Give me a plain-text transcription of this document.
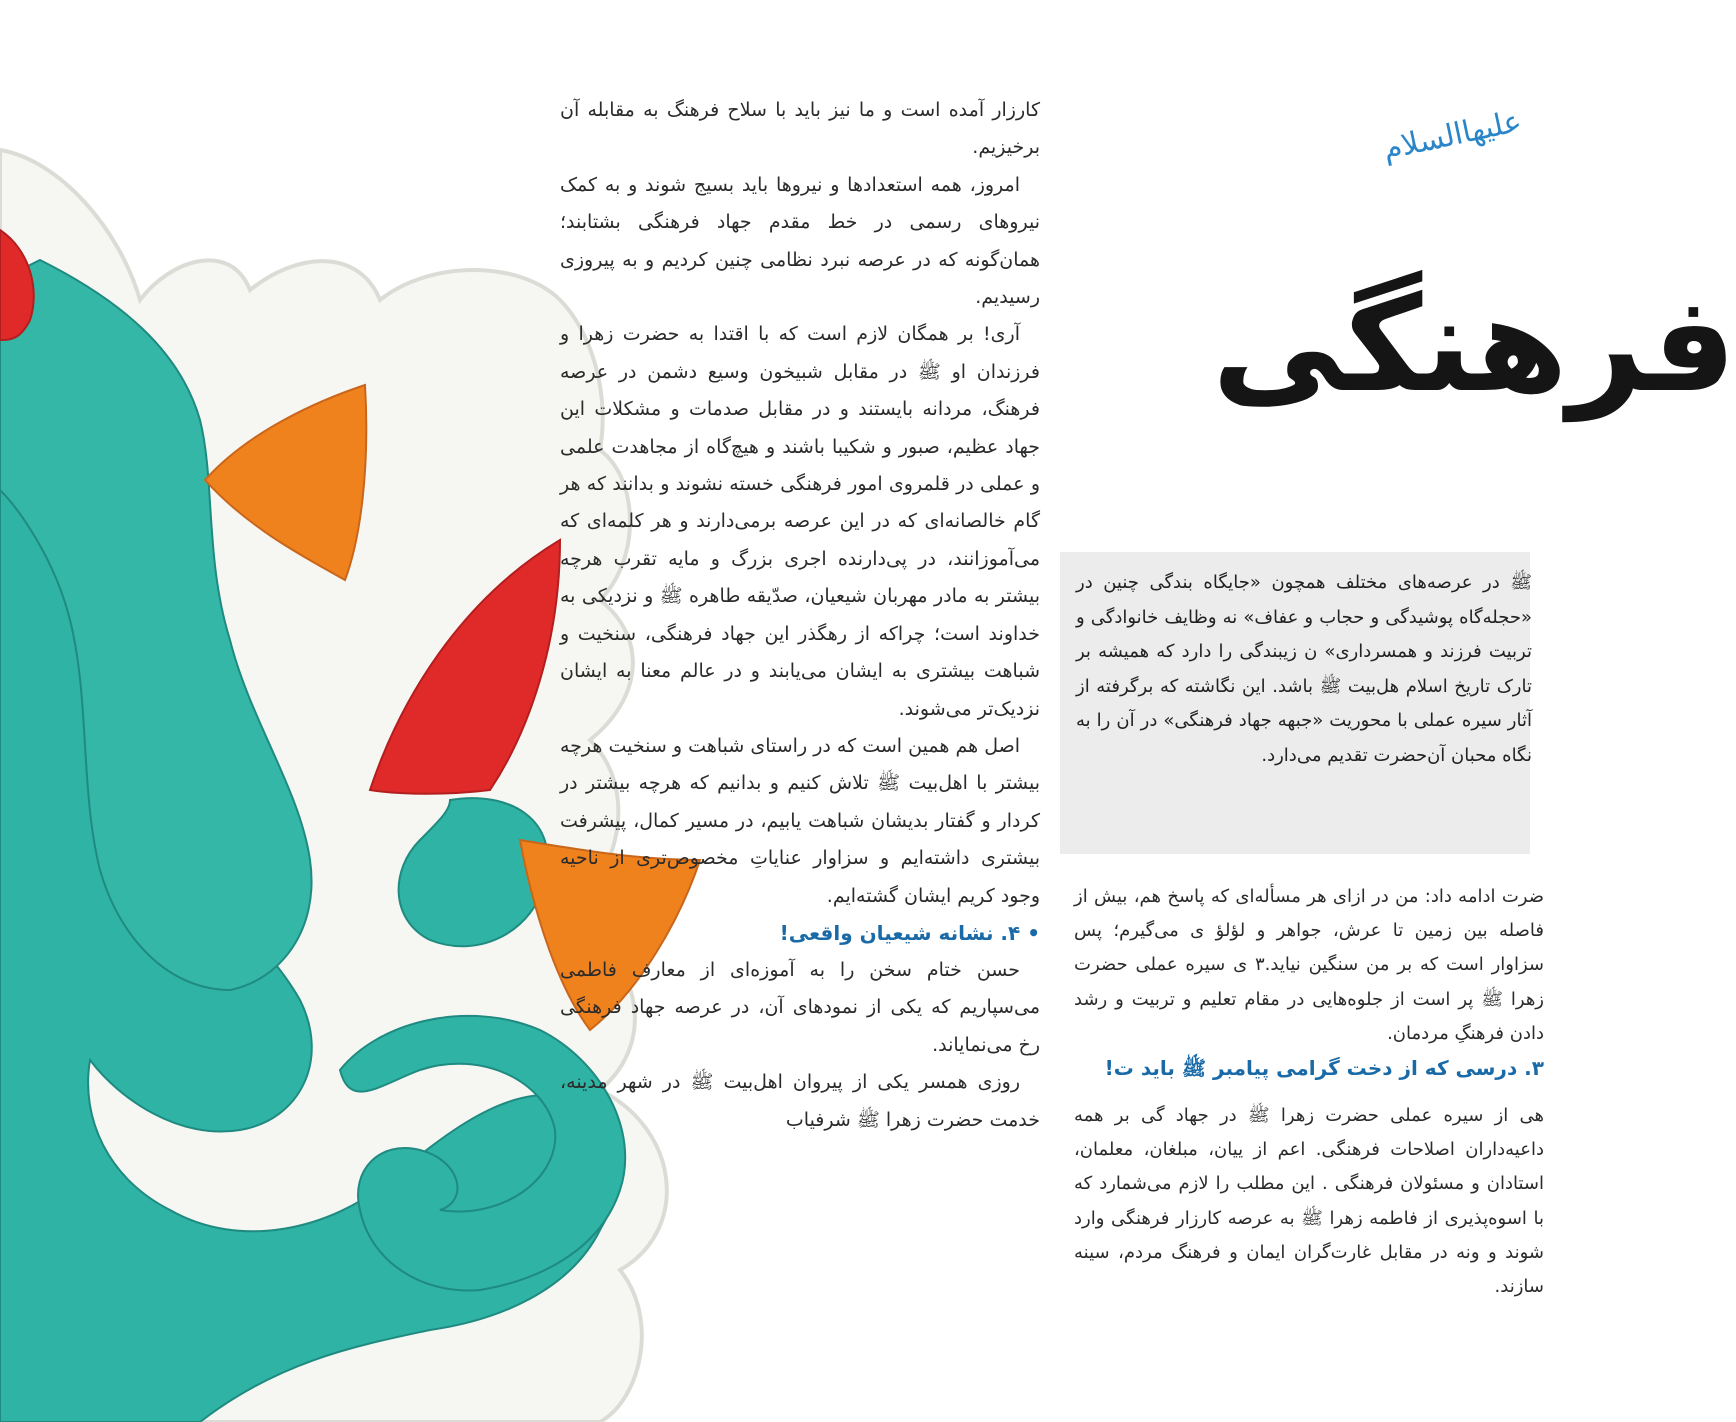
علیهاالسلام
فرهنگی

کارزار آمده است و ما نیز باید با سلاح فرهنگ به مقابله آن برخیزیم.

امروز، همه استعدادها و نیروها باید بسیج شوند و به کمک نیروهای رسمی در خط مقدم جهاد فرهنگی بشتابند؛ همان‌گونه که در عرصه نبرد نظامی چنین کردیم و به پیروزی رسیدیم.

آری! بر همگان لازم است که با اقتدا به حضرت زهرا و فرزندان او ﷺ در مقابل شبیخون وسیع دشمن در عرصه فرهنگ، مردانه بایستند و در مقابل صدمات و مشکلات این جهاد عظیم، صبور و شکیبا باشند و هیچ‌گاه از مجاهدت علمی و عملی در قلمروی امور فرهنگی خسته نشوند و بدانند که هر گام خالصانه‌ای که در این عرصه برمی‌دارند و هر کلمه‌ای که می‌آموزانند، در پی‌دارنده اجری بزرگ و مایه تقرب هرچه بیشتر به مادر مهربان شیعیان، صدّیقه طاهره ﷺ و نزدیکی به خداوند است؛ چراکه از رهگذر این جهاد فرهنگی، سنخیت و شباهت بیشتری به ایشان می‌یابند و در عالم معنا به ایشان نزدیک‌تر می‌شوند.

اصل هم همین است که در راستای شباهت و سنخیت هرچه بیشتر با اهل‌بیت ﷺ تلاش کنیم و بدانیم که هرچه بیشتر در کردار و گفتار بدیشان شباهت یابیم، در مسیر کمال، پیشرفت بیشتری داشته‌ایم و سزاوار عنایاتِ مخصوص‌تری از ناحیه وجود کریم ایشان گشته‌ایم.

• ۴. نشانه شیعیان واقعی!

حسن ختام سخن را به آموزه‌ای از معارف فاطمی می‌سپاریم که یکی از نمودهای آن، در عرصه جهاد فرهنگی رخ می‌نمایاند.

روزی همسر یکی از پیروان اهل‌بیت ﷺ در شهر مدینه، خدمت حضرت زهرا ﷺ شرفیاب

ﷺ در عرصه‌های مختلف همچون «جایگاه بندگی چنین در «حجله‌گاه پوشیدگی و حجاب و عفاف» نه وظایف خانوادگی و تربیت فرزند و همسرداری» ن زیبندگی را دارد که همیشه بر تارک تاریخ اسلام هل‌بیت ﷺ باشد. این نگاشته که برگرفته از آثار سیره عملی با محوریت «جبهه جهاد فرهنگی» در آن را به نگاه محبان آن‌حضرت تقدیم می‌دارد.

ضرت ادامه داد: من در ازای هر مسأله‌ای که پاسخ هم، بیش از فاصله بین زمین تا عرش، جواهر و لؤلؤ ی می‌گیرم؛ پس سزاوار است که بر من سنگین نیاید.۳ ی سیره عملی حضرت زهرا ﷺ پر است از جلوه‌هایی در مقام تعلیم و تربیت و رشد دادن فرهنگِ مردمان.

۳. درسی که از دخت گرامی پیامبر ﷺ باید ت!

هی از سیره عملی حضرت زهرا ﷺ در جهاد گی بر همه داعیه‌داران اصلاحات فرهنگی. اعم از ییان، مبلغان، معلمان، استادان و مسئولان فرهنگی . این مطلب را لازم می‌شمارد که با اسوه‌پذیری از فاطمه زهرا ﷺ به عرصه کارزار فرهنگی وارد شوند و ونه در مقابل غارت‌گران ایمان و فرهنگ مردم، سینه سازند.
